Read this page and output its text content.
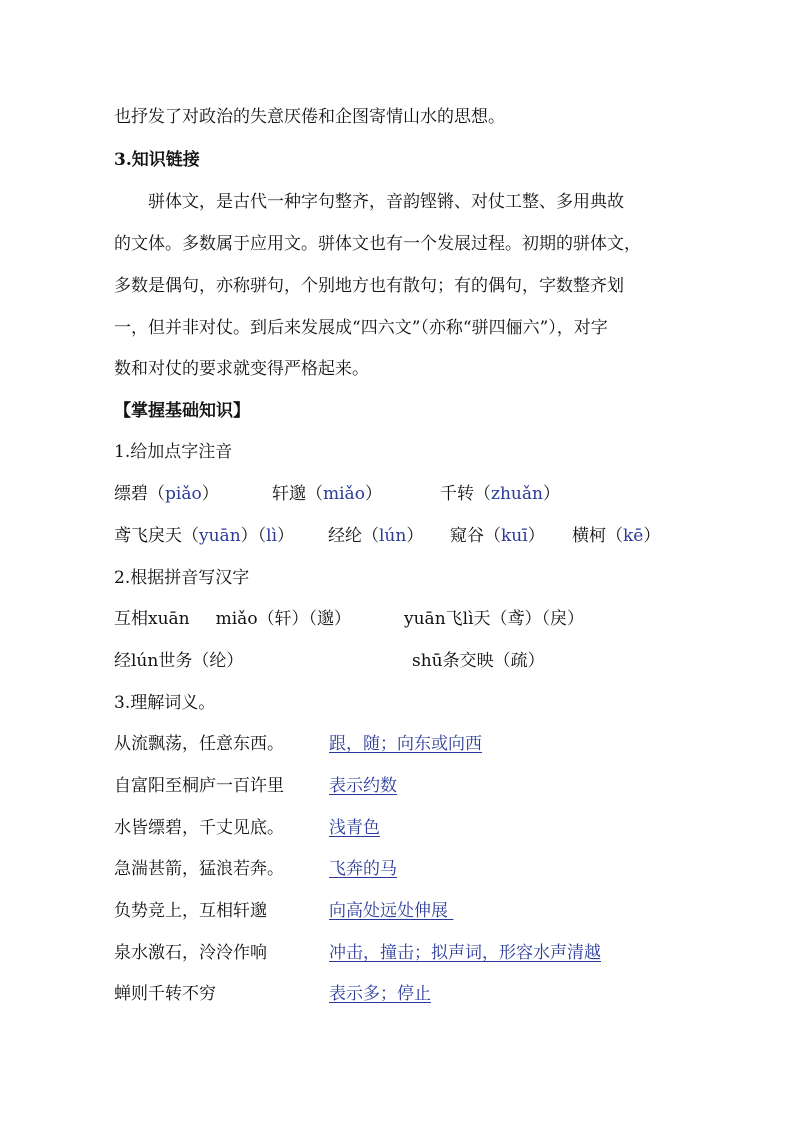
也抒发了对政治的失意厌倦和企图寄情山水的思想。
3.知识链接
骈体文，是古代一种字句整齐，音韵铿锵、对仗工整、多用典故
的文体。多数属于应用文。骈体文也有一个发展过程。初期的骈体文，
多数是偶句，亦称骈句，个别地方也有散句；有的偶句，字数整齐划
一，但并非对仗。到后来发展成“四六文”（亦称“骈四俪六”），对字
数和对仗的要求就变得严格起来。
【掌握基础知识】
1.给加点字注音
缥碧（piǎo）	轩邈（miǎo）	千转（zhuǎn）
鸢飞戾天（yuān）（lì） 经纶（lún） 窥谷（kuī） 横柯（kē）
2.根据拼音写汉字
互相xuān miǎo（轩）（邈）	yuān飞lì天（鸢）（戾）
经lún世务（纶）	shū条交映（疏）
3.理解词义。
从流飘荡，任意东西。	跟，随；向东或向西
自富阳至桐庐一百许里	表示约数
水皆缥碧，千丈见底。	浅青色
急湍甚箭，猛浪若奔。	飞奔的马
负势竞上，互相轩邈	向高处远处伸展
泉水激石，泠泠作响	冲击，撞击；拟声词，形容水声清越
蝉则千转不穷	表示多；停止
